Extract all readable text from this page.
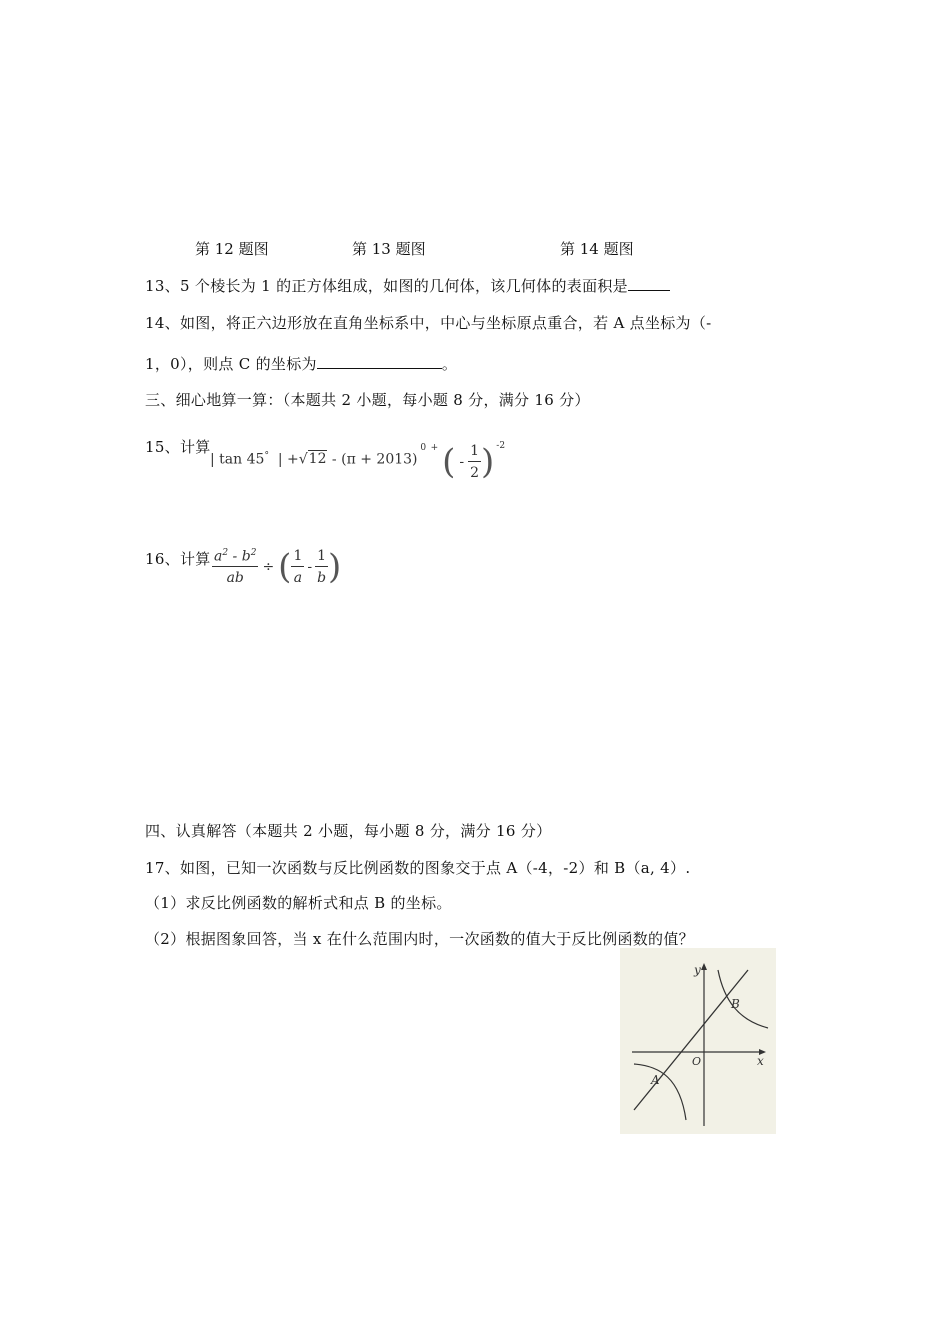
第 12 题图	第 13 题图	第 14 题图
13、5 个棱长为 1 的正方体组成，如图的几何体，该几何体的表面积是
14、如图，将正六边形放在直角坐标系中，中心与坐标原点重合，若 A 点坐标为（-
1，0），则点 C 的坐标为	。
三、细心地算一算：（本题共 2 小题，每小题 8 分，满分 16 分）
15、计算
| tan 45°  | +√12 - (π + 2013) $^0$ + ( - $\frac{1}{2} )^{-2}$
16、计算 $\frac{a^2 - b^2}{ab}$ ÷ ( $\frac{1}{a} - \frac{1}{b}$ )
四、认真解答（本题共 2 小题，每小题 8 分，满分 16 分）
17、如图，已知一次函数与反比例函数的图象交于点 A（-4，-2）和 B（a, 4）.
（1）求反比例函数的解析式和点 B 的坐标。
（2）根据图象回答，当 x 在什么范围内时，一次函数的值大于反比例函数的值？
y
x
O
A
B
